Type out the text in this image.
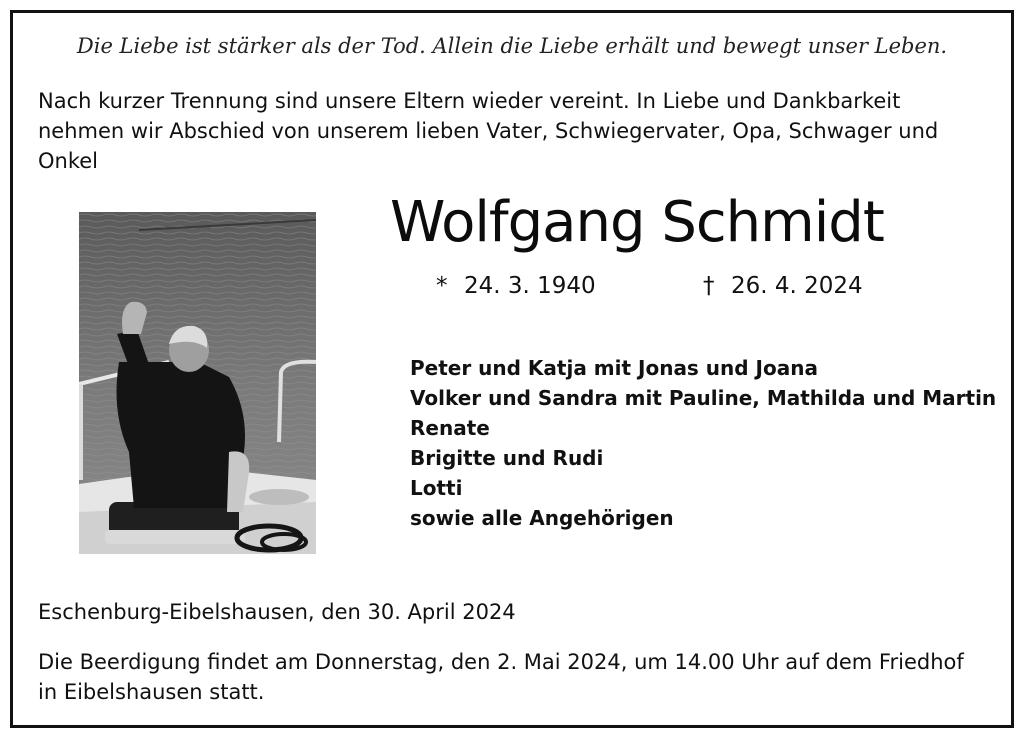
Die Liebe ist stärker als der Tod. Allein die Liebe erhält und bewegt unser Leben.
Nach kurzer Trennung sind unsere Eltern wieder vereint. In Liebe und Dankbarkeit nehmen wir Abschied von unserem lieben Vater, Schwiegervater, Opa, Schwager und Onkel
Wolfgang Schmidt
* 24. 3. 1940	† 26. 4. 2024
Peter und Katja mit Jonas und Joana
Volker und Sandra mit Pauline, Mathilda und Martin
Renate
Brigitte und Rudi
Lotti
sowie alle Angehörigen
Eschenburg-Eibelshausen, den 30. April 2024
Die Beerdigung findet am Donnerstag, den 2. Mai 2024, um 14.00 Uhr auf dem Friedhof in Eibelshausen statt.
